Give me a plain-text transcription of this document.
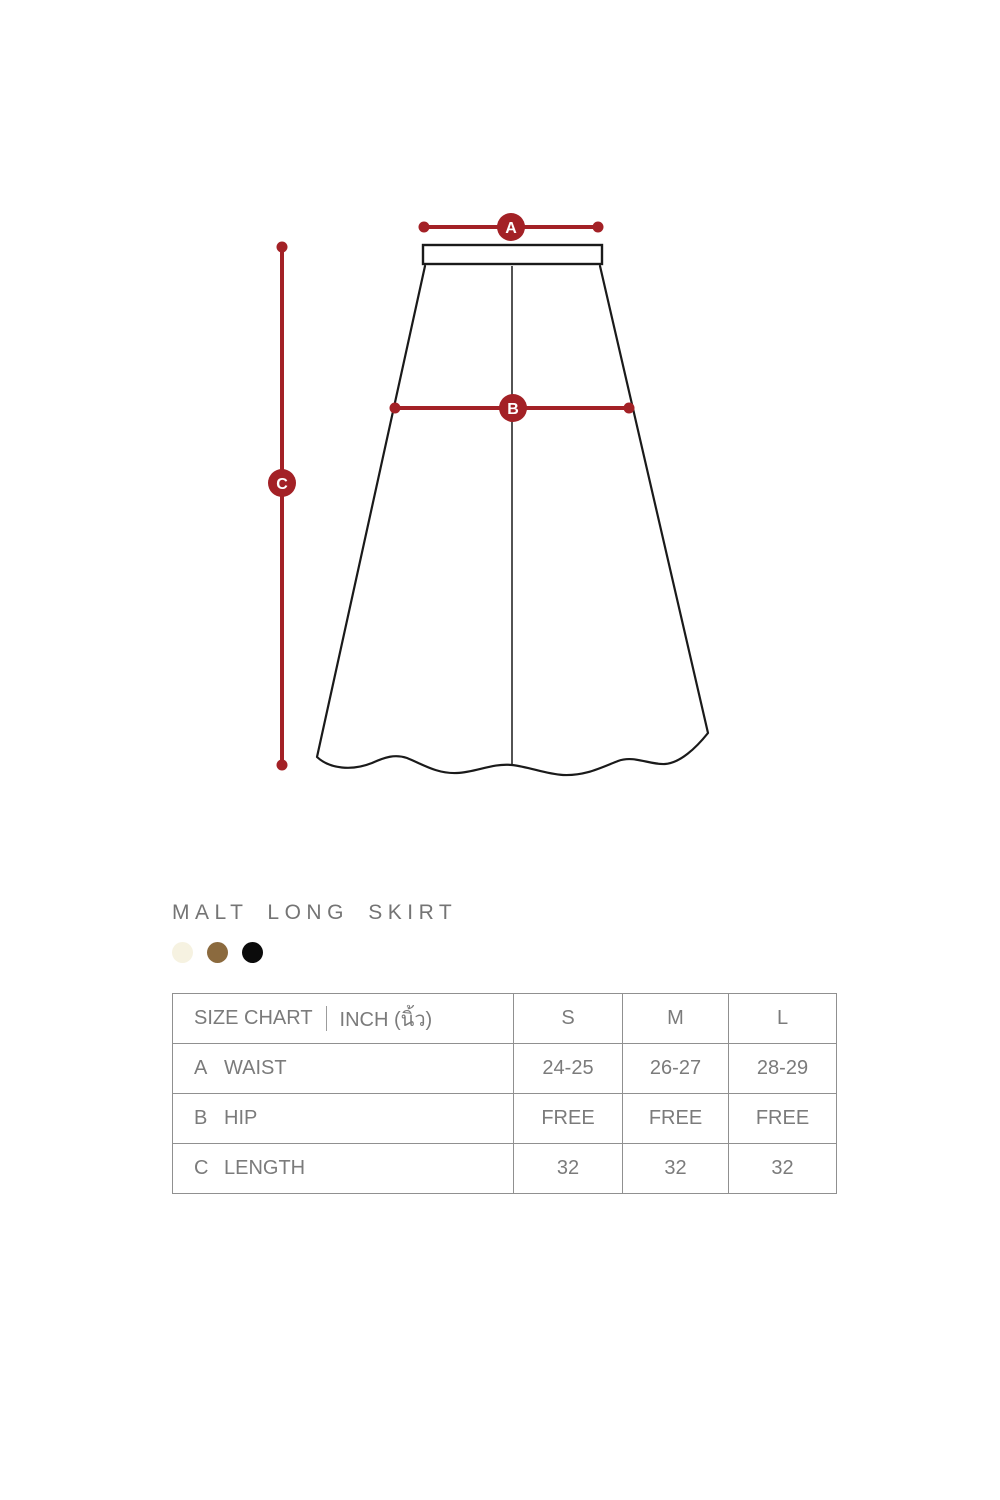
A
B
C
MALT LONG SKIRT
SIZE CHART INCH (นิ้ว)	S	M	L
A WAIST	24-25	26-27	28-29
B HIP	FREE	FREE	FREE
C LENGTH	32	32	32
